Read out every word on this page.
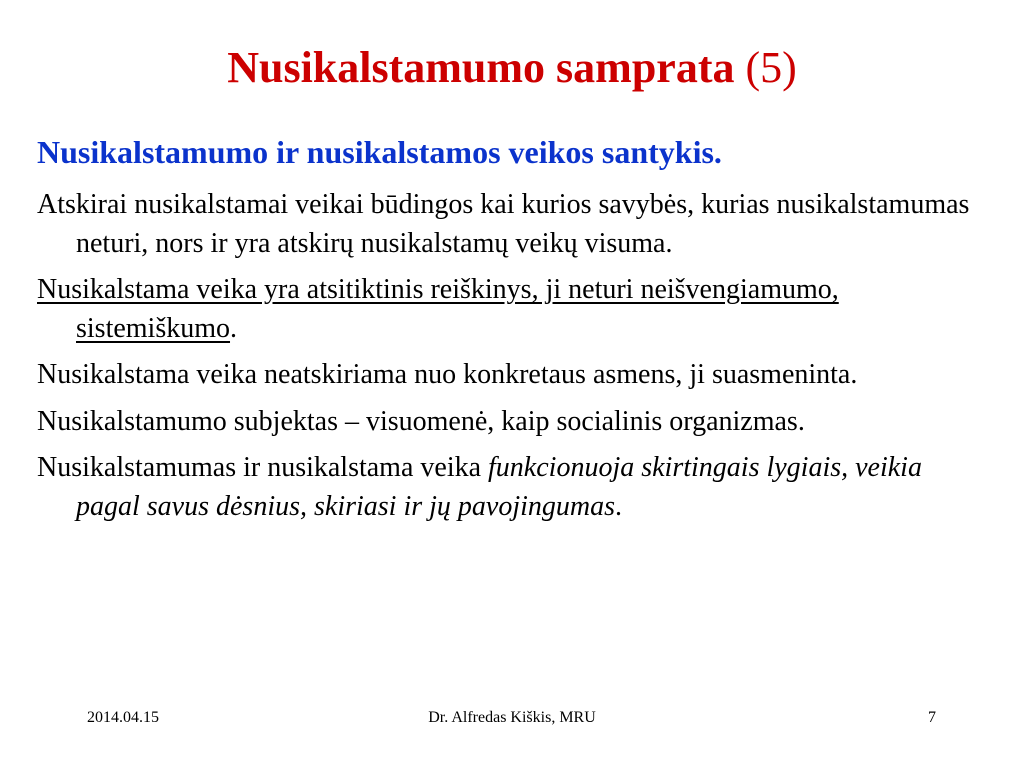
Nusikalstamumo samprata (5)
Nusikalstamumo ir nusikalstamos veikos santykis.

Atskirai nusikalstamai veikai būdingos kai kurios savybės, kurias nusikalstamumas neturi, nors ir yra atskirų nusikalstamų veikų visuma.

Nusikalstama veika yra atsitiktinis reiškinys, ji neturi neišvengiamumo, sistemiškumo.

Nusikalstama veika neatskiriama nuo konkretaus asmens, ji suasmeninta.

Nusikalstamumo subjektas – visuomenė, kaip socialinis organizmas.

Nusikalstamumas ir nusikalstama veika funkcionuoja skirtingais lygiais, veikia pagal savus dėsnius, skiriasi ir jų pavojingumas.

2014.04.15	Dr. Alfredas Kiškis, MRU	7
